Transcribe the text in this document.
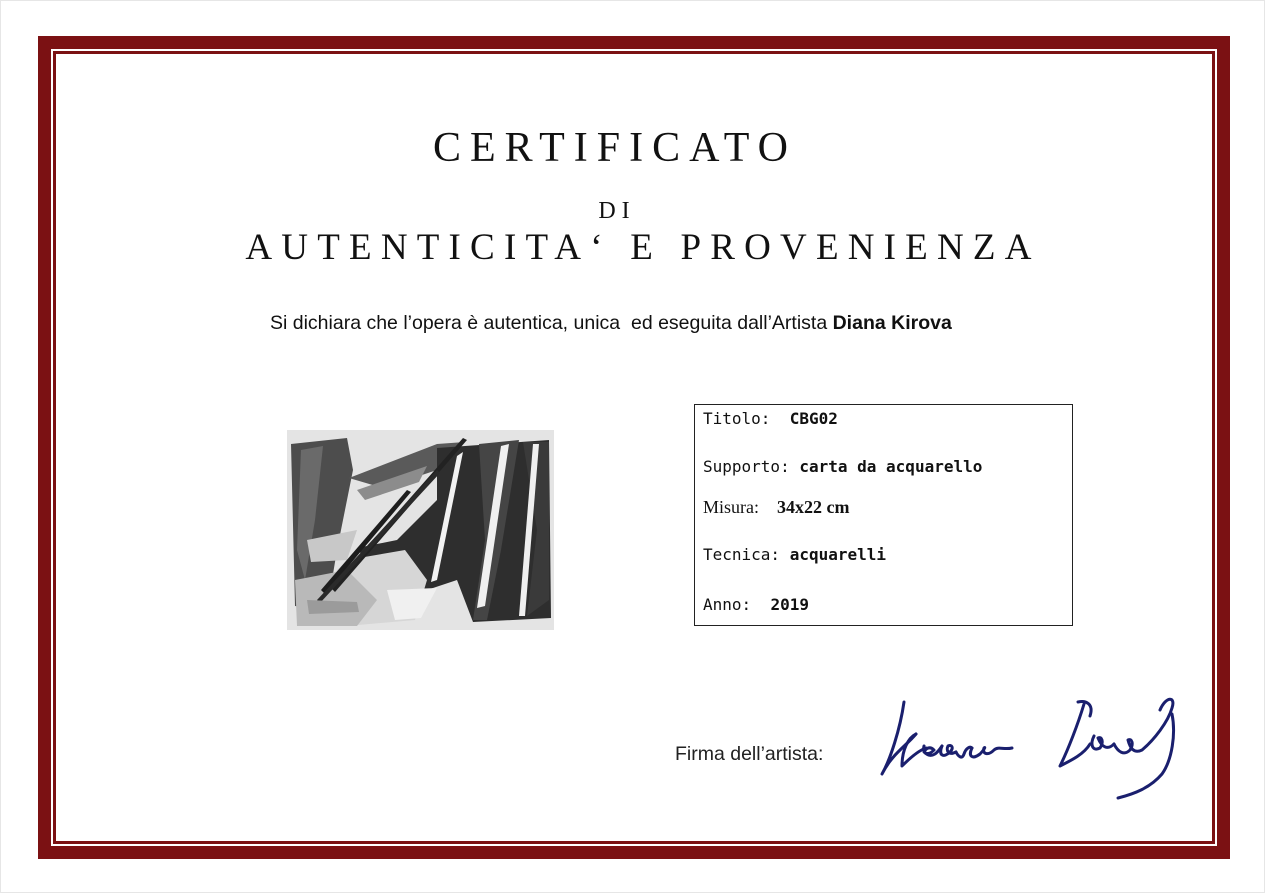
CERTIFICATO
DI
AUTENTICITA‘ E PROVENIENZA

Si dichiara che l’opera è autentica, unica  ed eseguita dall’Artista Diana Kirova

Titolo: CBG02
Supporto: carta da acquarello
Misura: 34x22 cm
Tecnica: acquarelli
Anno: 2019
Firma dell’artista:
